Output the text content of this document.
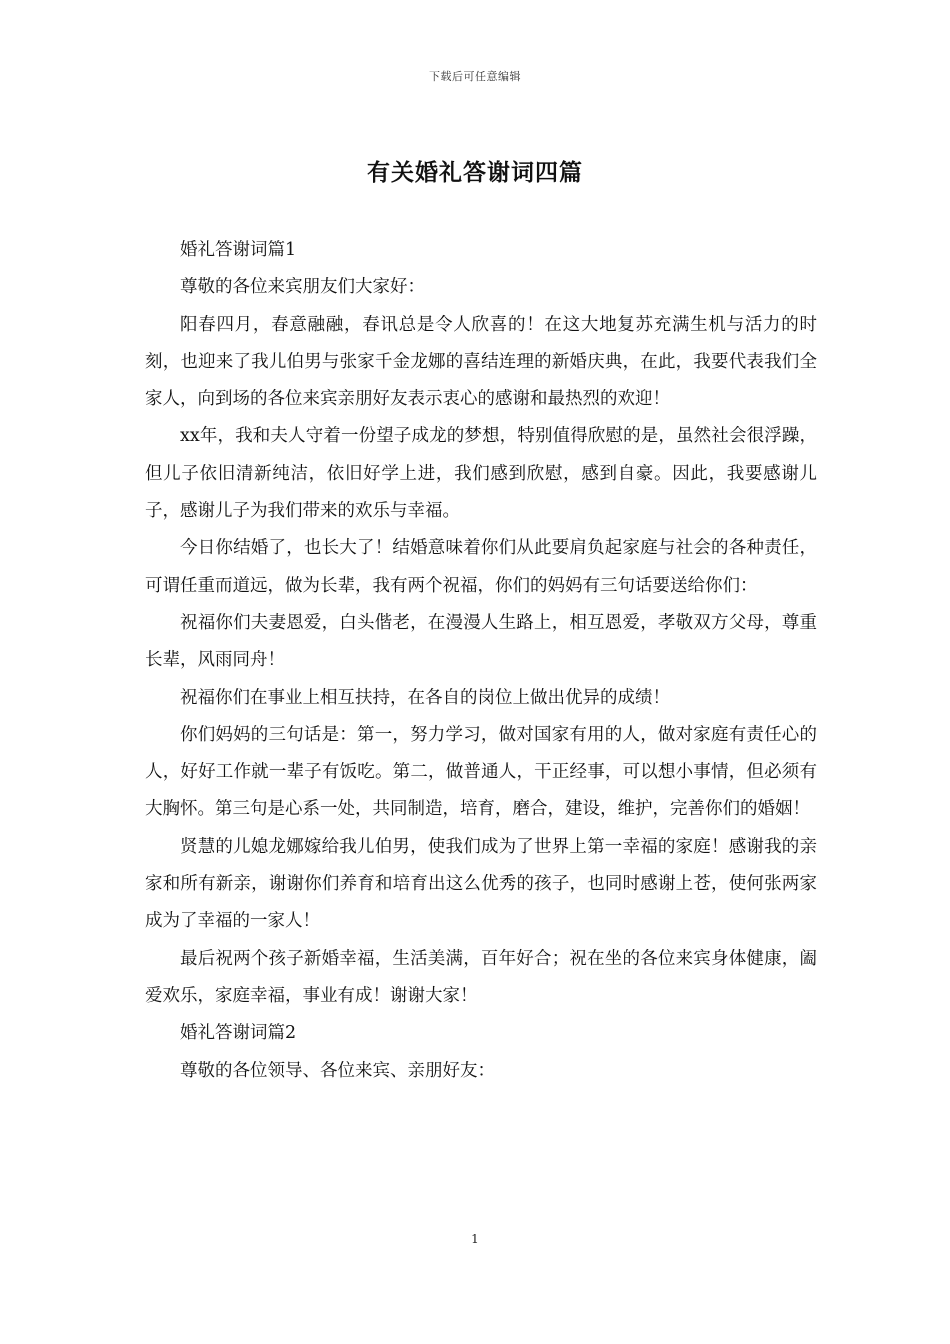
下载后可任意编辑
有关婚礼答谢词四篇

婚礼答谢词篇1

尊敬的各位来宾朋友们大家好：

阳春四月，春意融融，春讯总是令人欣喜的！在这大地复苏充满生机与活力的时刻，也迎来了我儿伯男与张家千金龙娜的喜结连理的新婚庆典，在此，我要代表我们全家人，向到场的各位来宾亲朋好友表示衷心的感谢和最热烈的欢迎！

xx年，我和夫人守着一份望子成龙的梦想，特别值得欣慰的是，虽然社会很浮躁，但儿子依旧清新纯洁，依旧好学上进，我们感到欣慰，感到自豪。因此，我要感谢儿子，感谢儿子为我们带来的欢乐与幸福。

今日你结婚了，也长大了！结婚意味着你们从此要肩负起家庭与社会的各种责任，可谓任重而道远，做为长辈，我有两个祝福，你们的妈妈有三句话要送给你们：

祝福你们夫妻恩爱，白头偕老，在漫漫人生路上，相互恩爱，孝敬双方父母，尊重长辈，风雨同舟！

祝福你们在事业上相互扶持，在各自的岗位上做出优异的成绩！

你们妈妈的三句话是：第一，努力学习，做对国家有用的人，做对家庭有责任心的人，好好工作就一辈子有饭吃。第二，做普通人，干正经事，可以想小事情，但必须有大胸怀。第三句是心系一处，共同制造，培育，磨合，建设，维护，完善你们的婚姻！

贤慧的儿媳龙娜嫁给我儿伯男，使我们成为了世界上第一幸福的家庭！感谢我的亲家和所有新亲，谢谢你们养育和培育出这么优秀的孩子，也同时感谢上苍，使何张两家成为了幸福的一家人！

最后祝两个孩子新婚幸福，生活美满，百年好合；祝在坐的各位来宾身体健康，阖爱欢乐，家庭幸福，事业有成！谢谢大家！

婚礼答谢词篇2

尊敬的各位领导、各位来宾、亲朋好友：

1
